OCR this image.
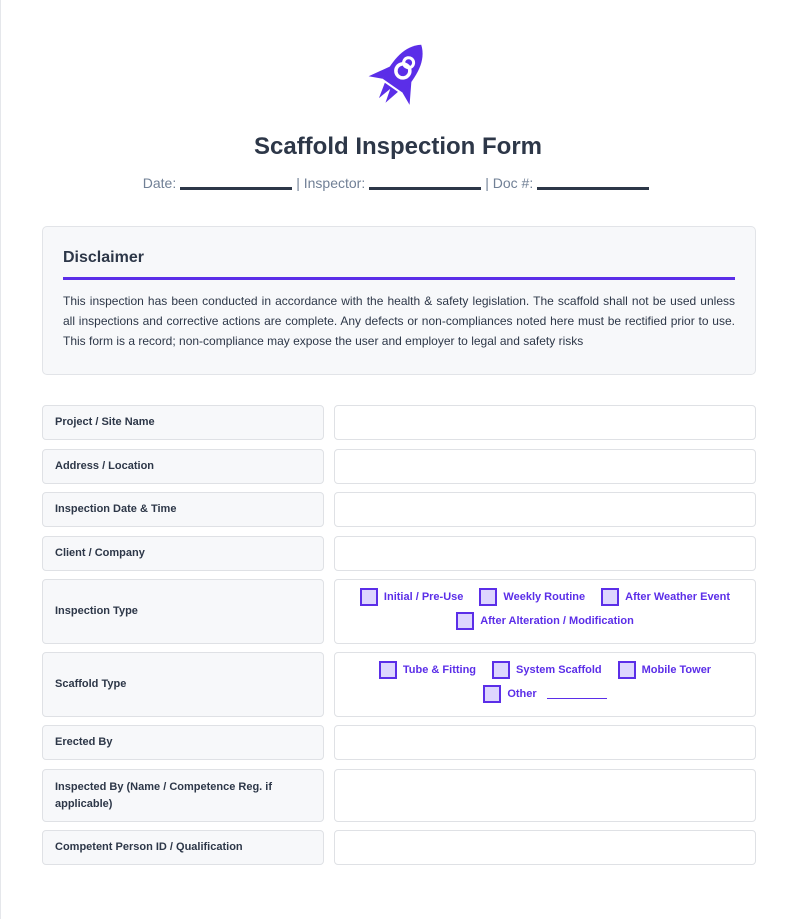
Scaffold Inspection Form
Date:	| Inspector:	| Doc #:
Disclaimer

This inspection has been conducted in accordance with the health & safety legislation. The scaffold shall not be used unless all inspections and corrective actions are complete. Any defects or non-compliances noted here must be rectified prior to use. This form is a record; non-compliance may expose the user and employer to legal and safety risks

Project / Site Name
Address / Location
Inspection Date & Time
Client / Company
Inspection Type
Initial / Pre-Use	Weekly Routine	After Weather Event
After Alteration / Modification
Scaffold Type
Tube & Fitting	System Scaffold	Mobile Tower
Other
Erected By
Inspected By (Name / Competence Reg. if applicable)
Competent Person ID / Qualification
